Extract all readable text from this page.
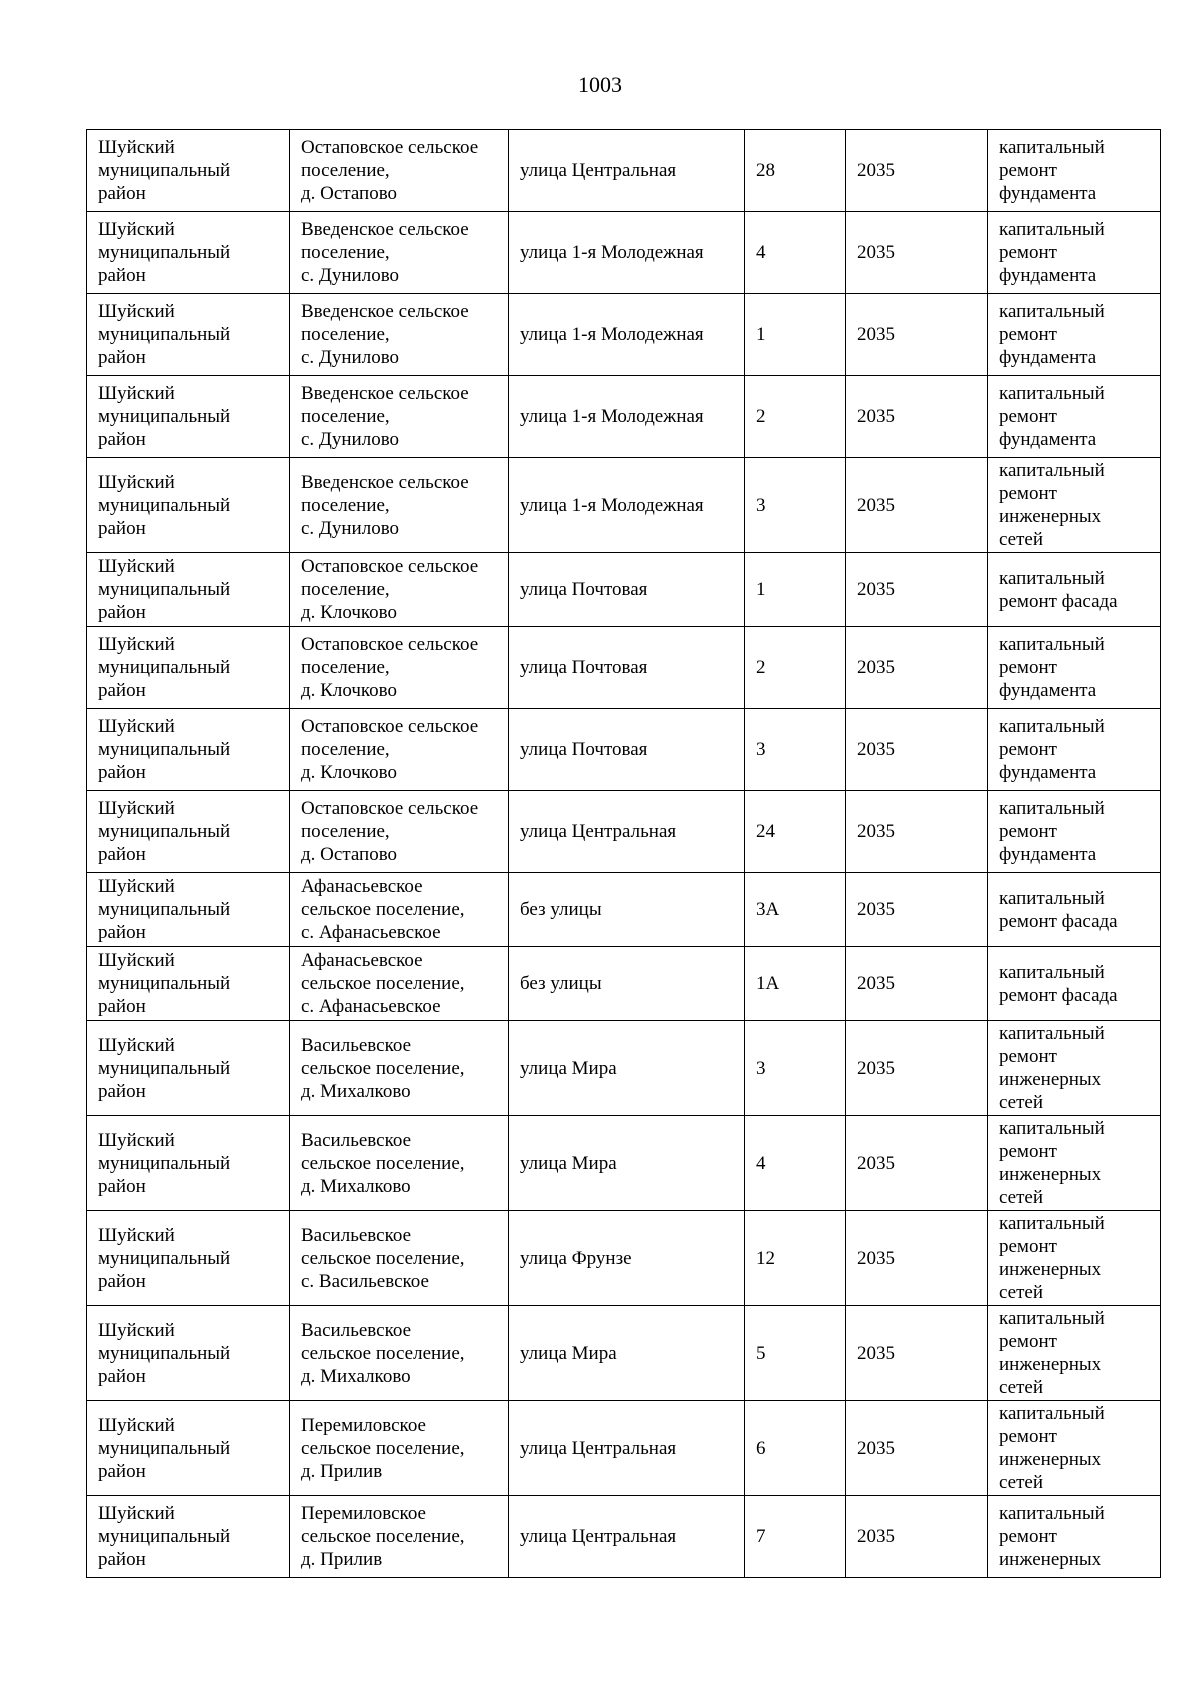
1003
Шуйский
муниципальный
район	Остаповское сельское
поселение,
д. Остапово	улица Центральная	28	2035	капитальный
ремонт
фундамента

Шуйский
муниципальный
район	Введенское сельское
поселение,
с. Дунилово	улица 1-я Молодежная	4	2035	капитальный
ремонт
фундамента

Шуйский
муниципальный
район	Введенское сельское
поселение,
с. Дунилово	улица 1-я Молодежная	1	2035	капитальный
ремонт
фундамента

Шуйский
муниципальный
район	Введенское сельское
поселение,
с. Дунилово	улица 1-я Молодежная	2	2035	капитальный
ремонт
фундамента

Шуйский
муниципальный
район	Введенское сельское
поселение,
с. Дунилово	улица 1-я Молодежная	3	2035	капитальный
ремонт
инженерных
сетей

Шуйский
муниципальный
район	Остаповское сельское
поселение,
д. Клочково	улица Почтовая	1	2035	капитальный
ремонт фасада

Шуйский
муниципальный
район	Остаповское сельское
поселение,
д. Клочково	улица Почтовая	2	2035	капитальный
ремонт
фундамента

Шуйский
муниципальный
район	Остаповское сельское
поселение,
д. Клочково	улица Почтовая	3	2035	капитальный
ремонт
фундамента

Шуйский
муниципальный
район	Остаповское сельское
поселение,
д. Остапово	улица Центральная	24	2035	капитальный
ремонт
фундамента

Шуйский
муниципальный
район	Афанасьевское
сельское поселение,
с. Афанасьевское	без улицы	3А	2035	капитальный
ремонт фасада

Шуйский
муниципальный
район	Афанасьевское
сельское поселение,
с. Афанасьевское	без улицы	1А	2035	капитальный
ремонт фасада

Шуйский
муниципальный
район	Васильевское
сельское поселение,
д. Михалково	улица Мира	3	2035	капитальный
ремонт
инженерных
сетей

Шуйский
муниципальный
район	Васильевское
сельское поселение,
д. Михалково	улица Мира	4	2035	капитальный
ремонт
инженерных
сетей

Шуйский
муниципальный
район	Васильевское
сельское поселение,
с. Васильевское	улица Фрунзе	12	2035	капитальный
ремонт
инженерных
сетей

Шуйский
муниципальный
район	Васильевское
сельское поселение,
д. Михалково	улица Мира	5	2035	капитальный
ремонт
инженерных
сетей

Шуйский
муниципальный
район	Перемиловское
сельское поселение,
д. Прилив	улица Центральная	6	2035	капитальный
ремонт
инженерных
сетей

Шуйский
муниципальный
район	Перемиловское
сельское поселение,
д. Прилив	улица Центральная	7	2035	капитальный
ремонт
инженерных
